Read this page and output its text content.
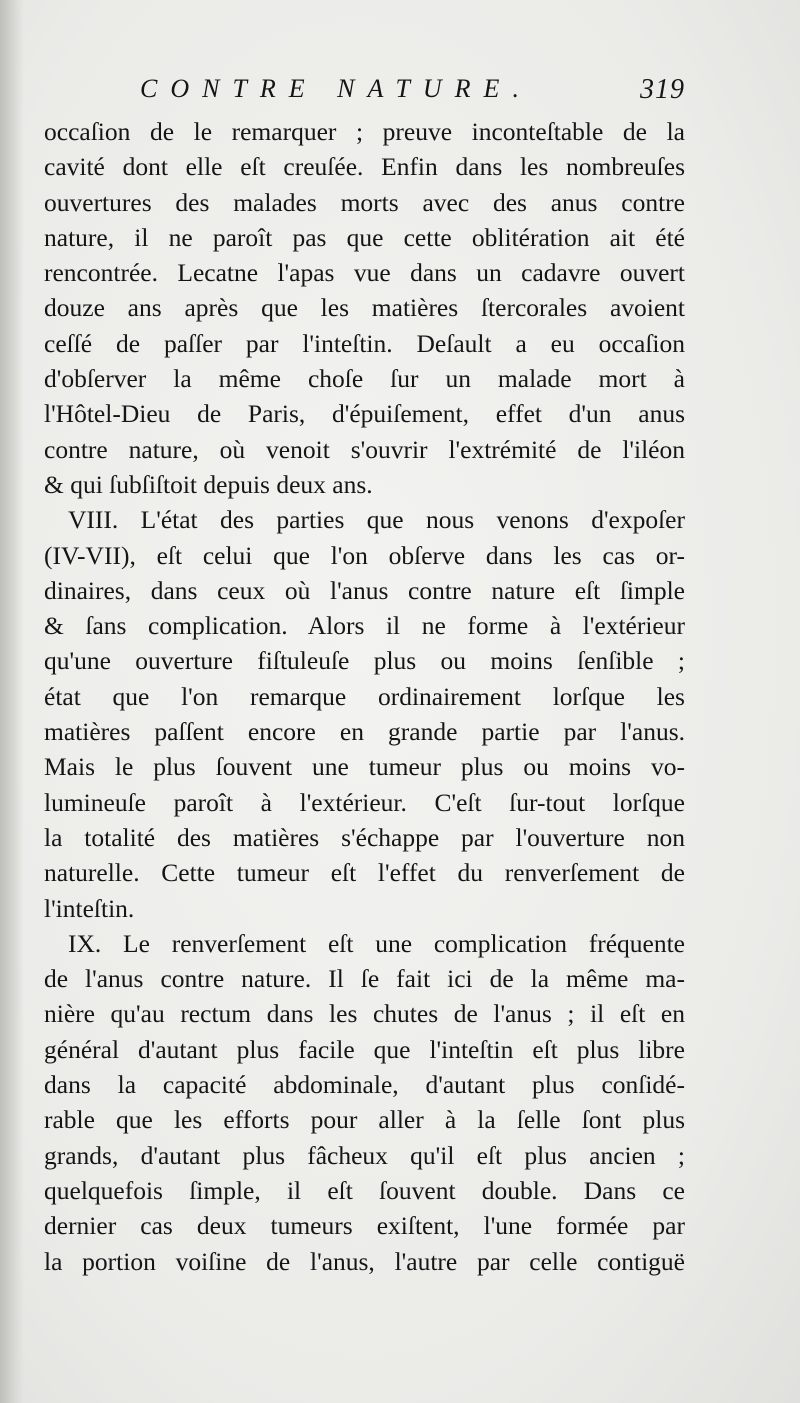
CONTRE NATURE.	319
occaſion de le remarquer ; preuve inconteſtable de la
cavité dont elle eſt creuſée. Enfin dans les nombreuſes
ouvertures des malades morts avec des anus contre
nature, il ne paroît pas que cette oblitération ait été
rencontrée. Lecatne l'apas vue dans un cadavre ouvert
douze ans après que les matières ſtercorales avoient
ceſſé de paſſer par l'inteſtin. Deſault a eu occaſion
d'obſerver la même choſe ſur un malade mort à
l'Hôtel-Dieu de Paris, d'épuiſement, effet d'un anus
contre nature, où venoit s'ouvrir l'extrémité de l'iléon
& qui ſubſiſtoit depuis deux ans.
VIII. L'état des parties que nous venons d'expoſer
(IV-VII), eſt celui que l'on obſerve dans les cas or-
dinaires, dans ceux où l'anus contre nature eſt ſimple
& ſans complication. Alors il ne forme à l'extérieur
qu'une ouverture fiſtuleuſe plus ou moins ſenſible ;
état que l'on remarque ordinairement lorſque les
matières paſſent encore en grande partie par l'anus.
Mais le plus ſouvent une tumeur plus ou moins vo-
lumineuſe paroît à l'extérieur. C'eſt ſur-tout lorſque
la totalité des matières s'échappe par l'ouverture non
naturelle. Cette tumeur eſt l'effet du renverſement de
l'inteſtin.
IX. Le renverſement eſt une complication fréquente
de l'anus contre nature. Il ſe fait ici de la même ma-
nière qu'au rectum dans les chutes de l'anus ; il eſt en
général d'autant plus facile que l'inteſtin eſt plus libre
dans la capacité abdominale, d'autant plus conſidé-
rable que les efforts pour aller à la ſelle ſont plus
grands, d'autant plus fâcheux qu'il eſt plus ancien ;
quelquefois ſimple, il eſt ſouvent double. Dans ce
dernier cas deux tumeurs exiſtent, l'une formée par
la portion voiſine de l'anus, l'autre par celle contiguë
